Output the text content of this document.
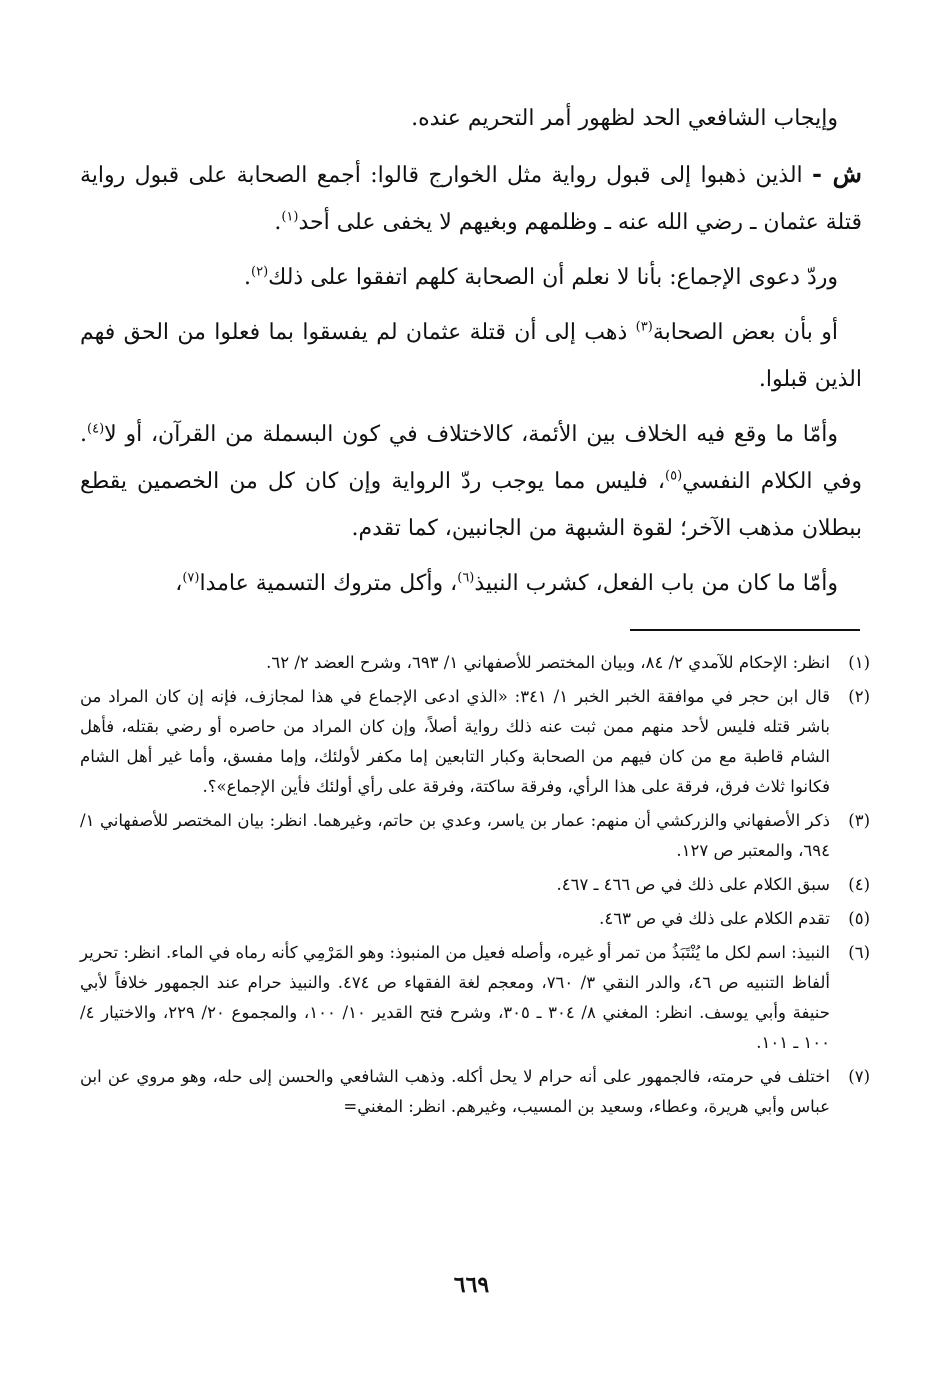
وإيجاب الشافعي الحد لظهور أمر التحريم عنده.

ش - الذين ذهبوا إلى قبول رواية مثل الخوارج قالوا: أجمع الصحابة على قبول رواية قتلة عثمان ـ رضي الله عنه ـ وظلمهم وبغيهم لا يخفى على أحد$^{(١)}$.

وردّ دعوى الإجماع: بأنا لا نعلم أن الصحابة كلهم اتفقوا على ذلك$^{(٢)}$.

أو بأن بعض الصحابة$^{(٣)}$ ذهب إلى أن قتلة عثمان لم يفسقوا بما فعلوا من الحق فهم الذين قبلوا.

وأمّا ما وقع فيه الخلاف بين الأئمة، كالاختلاف في كون البسملة من القرآن، أو لا$^{(٤)}$. وفي الكلام النفسي$^{(٥)}$، فليس مما يوجب ردّ الرواية وإن كان كل من الخصمين يقطع ببطلان مذهب الآخر؛ لقوة الشبهة من الجانبين، كما تقدم.

وأمّا ما كان من باب الفعل، كشرب النبيذ$^{(٦)}$، وأكل متروك التسمية عامدا$^{(٧)}$،

(١)
انظر: الإحكام للآمدي ٢/ ٨٤، وبيان المختصر للأصفهاني ١/ ٦٩٣، وشرح العضد ٢/ ٦٢.
(٢)
قال ابن حجر في موافقة الخبر الخبر ١/ ٣٤١: «الذي ادعى الإجماع في هذا لمجازف، فإنه إن كان المراد من باشر قتله فليس لأحد منهم ممن ثبت عنه ذلك رواية أصلاً، وإن كان المراد من حاصره أو رضي بقتله، فأهل الشام قاطبة مع من كان فيهم من الصحابة وكبار التابعين إما مكفر لأولئك، وإما مفسق، وأما غير أهل الشام فكانوا ثلاث فرق، فرقة على هذا الرأي، وفرقة ساكتة، وفرقة على رأي أولئك فأين الإجماع»؟.
(٣)
ذكر الأصفهاني والزركشي أن منهم: عمار بن ياسر، وعدي بن حاتم، وغيرهما. انظر: بيان المختصر للأصفهاني ١/ ٦٩٤، والمعتبر ص ١٢٧.
(٤)
سبق الكلام على ذلك في ص ٤٦٦ ـ ٤٦٧.
(٥)
تقدم الكلام على ذلك في ص ٤٦٣.
(٦)
النبيذ: اسم لكل ما يُنْتَبَذُ من تمر أو غيره، وأصله فعيل من المنبوذ: وهو المَرْمِي كأنه رماه في الماء. انظر: تحرير ألفاظ التنبيه ص ٤٦، والدر النقي ٣/ ٧٦٠، ومعجم لغة الفقهاء ص ٤٧٤. والنبيذ حرام عند الجمهور خلافاً لأبي حنيفة وأبي يوسف. انظر: المغني ٨/ ٣٠٤ ـ ٣٠٥، وشرح فتح القدير ١٠/ ١٠٠، والمجموع ٢٠/ ٢٢٩، والاختيار ٤/ ١٠٠ ـ ١٠١.
(٧)
اختلف في حرمته، فالجمهور على أنه حرام لا يحل أكله. وذهب الشافعي والحسن إلى حله، وهو مروي عن ابن عباس وأبي هريرة، وعطاء، وسعيد بن المسيب، وغيرهم. انظر: المغني=
٦٦٩
